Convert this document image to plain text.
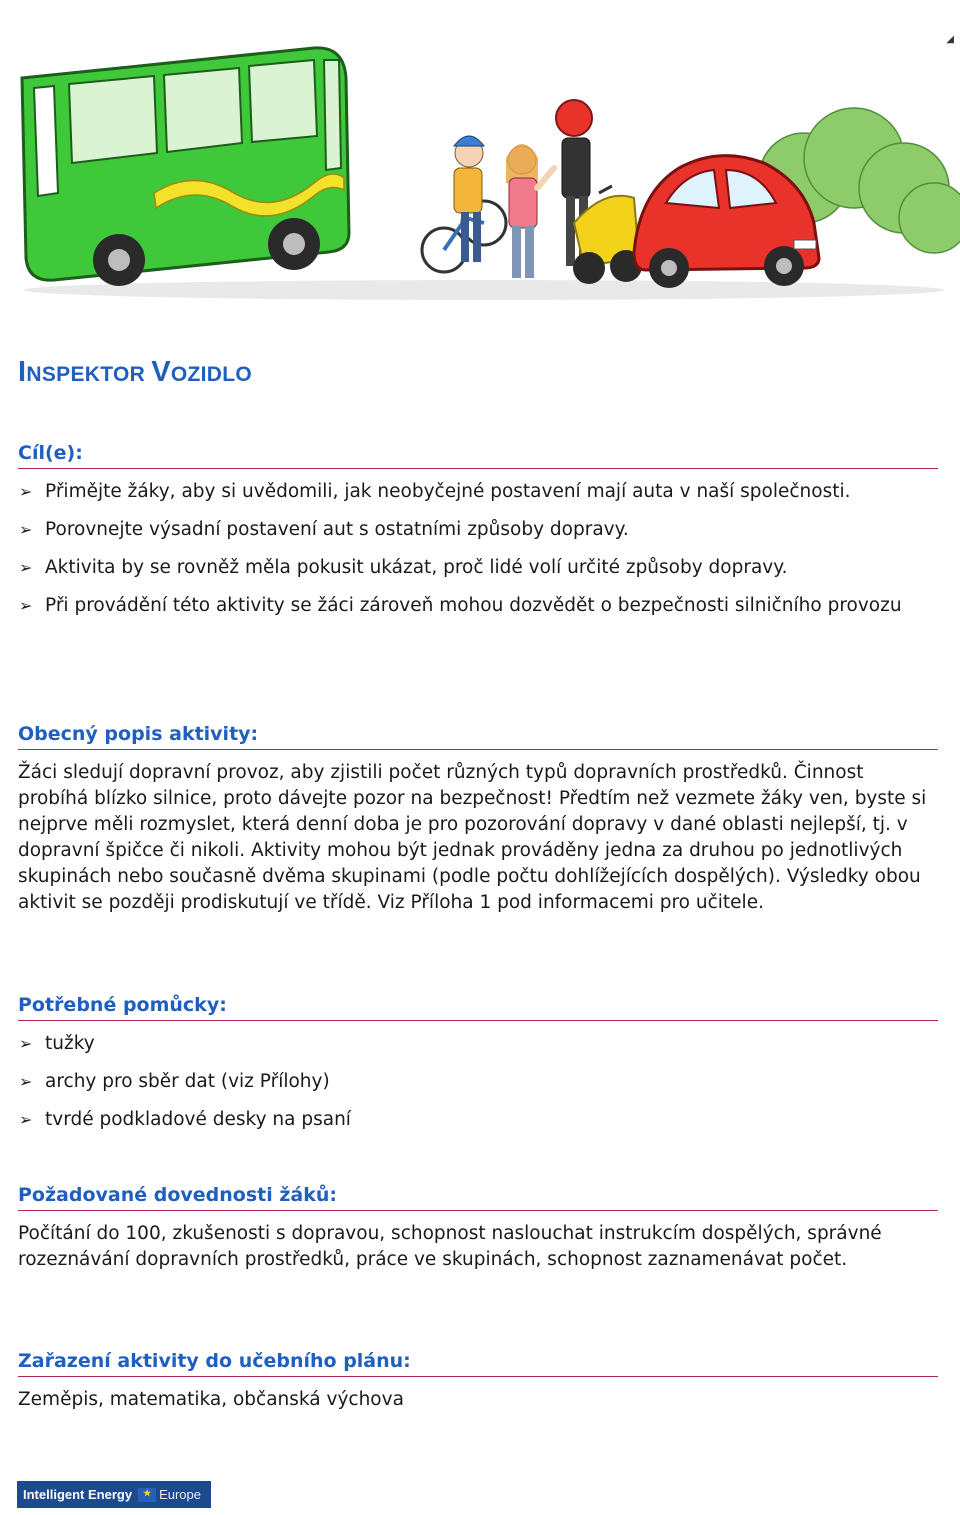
◢
INSPEKTOR VOZIDLO
Cíl(e):
➢ Přimějte žáky, aby si uvědomili, jak neobyčejné postavení mají auta v naší společnosti.
➢ Porovnejte výsadní postavení aut s ostatními způsoby dopravy.
➢ Aktivita by se rovněž měla pokusit ukázat, proč lidé volí určité způsoby dopravy.
➢ Při provádění této aktivity se žáci zároveň mohou dozvědět o bezpečnosti silničního provozu
Obecný popis aktivity:

Žáci sledují dopravní provoz, aby zjistili počet různých typů dopravních prostředků. Činnost probíhá blízko silnice, proto dávejte pozor na bezpečnost! Předtím než vezmete žáky ven, byste si nejprve měli rozmyslet, která denní doba je pro pozorování dopravy v dané oblasti nejlepší, tj. v dopravní špičce či nikoli. Aktivity mohou být jednak prováděny jedna za druhou po jednotlivých skupinách nebo současně dvěma skupinami (podle počtu dohlížejících dospělých). Výsledky obou aktivit se později prodiskutují ve třídě. Viz Příloha 1 pod informacemi pro učitele.

Potřebné pomůcky:
➢ tužky
➢ archy pro sběr dat (viz Přílohy)
➢ tvrdé podkladové desky na psaní
Požadované dovednosti žáků:

Počítání do 100, zkušenosti s dopravou, schopnost naslouchat instrukcím dospělých, správné rozeznávání dopravních prostředků, práce ve skupinách, schopnost zaznamenávat počet.

Zařazení aktivity do učebního plánu:

Zeměpis, matematika, občanská výchova

Intelligent Energy
★ Europe
